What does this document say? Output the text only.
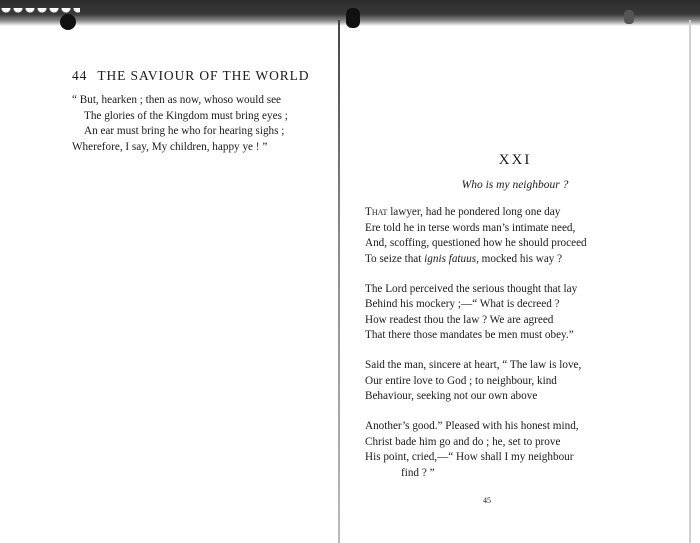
44 THE SAVIOUR OF THE WORLD
“ But, hearken ; then as now, whoso would see
The glories of the Kingdom must bring eyes ;
An ear must bring he who for hearing sighs ;
Wherefore, I say, My children, happy ye ! ”
XXI
Who is my neighbour ?
That lawyer, had he pondered long one day
Ere told he in terse words man’s intimate need,
And, scoffing, questioned how he should proceed
To seize that ignis fatuus, mocked his way ?
The Lord perceived the serious thought that lay
Behind his mockery ;—“ What is decreed ?
How readest thou the law ? We are agreed
That there those mandates be men must obey.”
Said the man, sincere at heart, “ The law is love,
Our entire love to God ; to neighbour, kind
Behaviour, seeking not our own above
Another’s good.” Pleased with his honest mind,
Christ bade him go and do ; he, set to prove
His point, cried,—“ How shall I my neighbour
find ? ”
45
